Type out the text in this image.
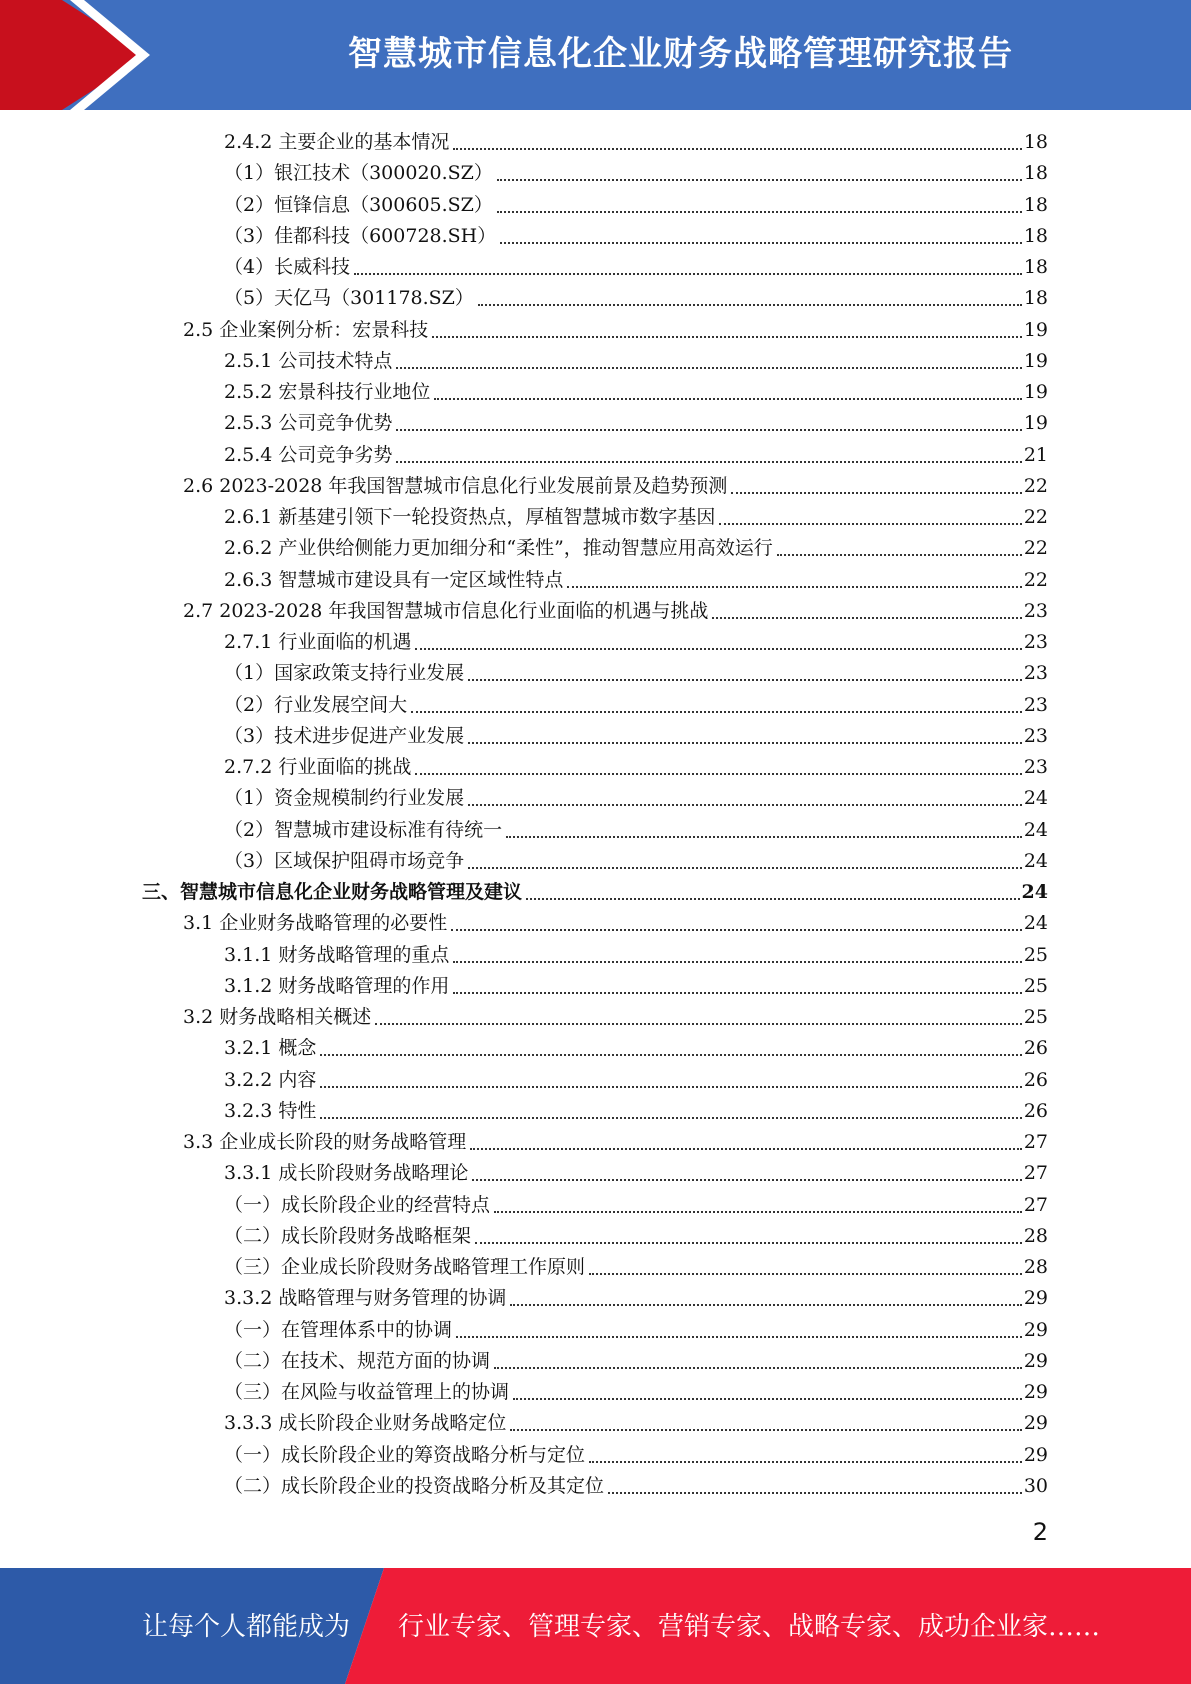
智慧城市信息化企业财务战略管理研究报告
2.4.2 主要企业的基本情况	18
（1）银江技术（300020.SZ）	18
（2）恒锋信息（300605.SZ）	18
（3）佳都科技（600728.SH）	18
（4）长威科技	18
（5）天亿马（301178.SZ）	18
2.5 企业案例分析：宏景科技	19
2.5.1 公司技术特点	19
2.5.2 宏景科技行业地位	19
2.5.3 公司竞争优势	19
2.5.4 公司竞争劣势	21
2.6 2023-2028 年我国智慧城市信息化行业发展前景及趋势预测	22
2.6.1 新基建引领下一轮投资热点，厚植智慧城市数字基因	22
2.6.2 产业供给侧能力更加细分和“柔性”，推动智慧应用高效运行	22
2.6.3 智慧城市建设具有一定区域性特点	22
2.7 2023-2028 年我国智慧城市信息化行业面临的机遇与挑战	23
2.7.1 行业面临的机遇	23
（1）国家政策支持行业发展	23
（2）行业发展空间大	23
（3）技术进步促进产业发展	23
2.7.2 行业面临的挑战	23
（1）资金规模制约行业发展	24
（2）智慧城市建设标准有待统一	24
（3）区域保护阻碍市场竞争	24
三、智慧城市信息化企业财务战略管理及建议	24
3.1 企业财务战略管理的必要性	24
3.1.1 财务战略管理的重点	25
3.1.2 财务战略管理的作用	25
3.2 财务战略相关概述	25
3.2.1 概念	26
3.2.2 内容	26
3.2.3 特性	26
3.3 企业成长阶段的财务战略管理	27
3.3.1 成长阶段财务战略理论	27
（一）成长阶段企业的经营特点	27
（二）成长阶段财务战略框架	28
（三）企业成长阶段财务战略管理工作原则	28
3.3.2 战略管理与财务管理的协调	29
（一）在管理体系中的协调	29
（二）在技术、规范方面的协调	29
（三）在风险与收益管理上的协调	29
3.3.3 成长阶段企业财务战略定位	29
（一）成长阶段企业的筹资战略分析与定位	29
（二）成长阶段企业的投资战略分析及其定位	30
2
让每个人都能成为 行业专家、管理专家、营销专家、战略专家、成功企业家……
